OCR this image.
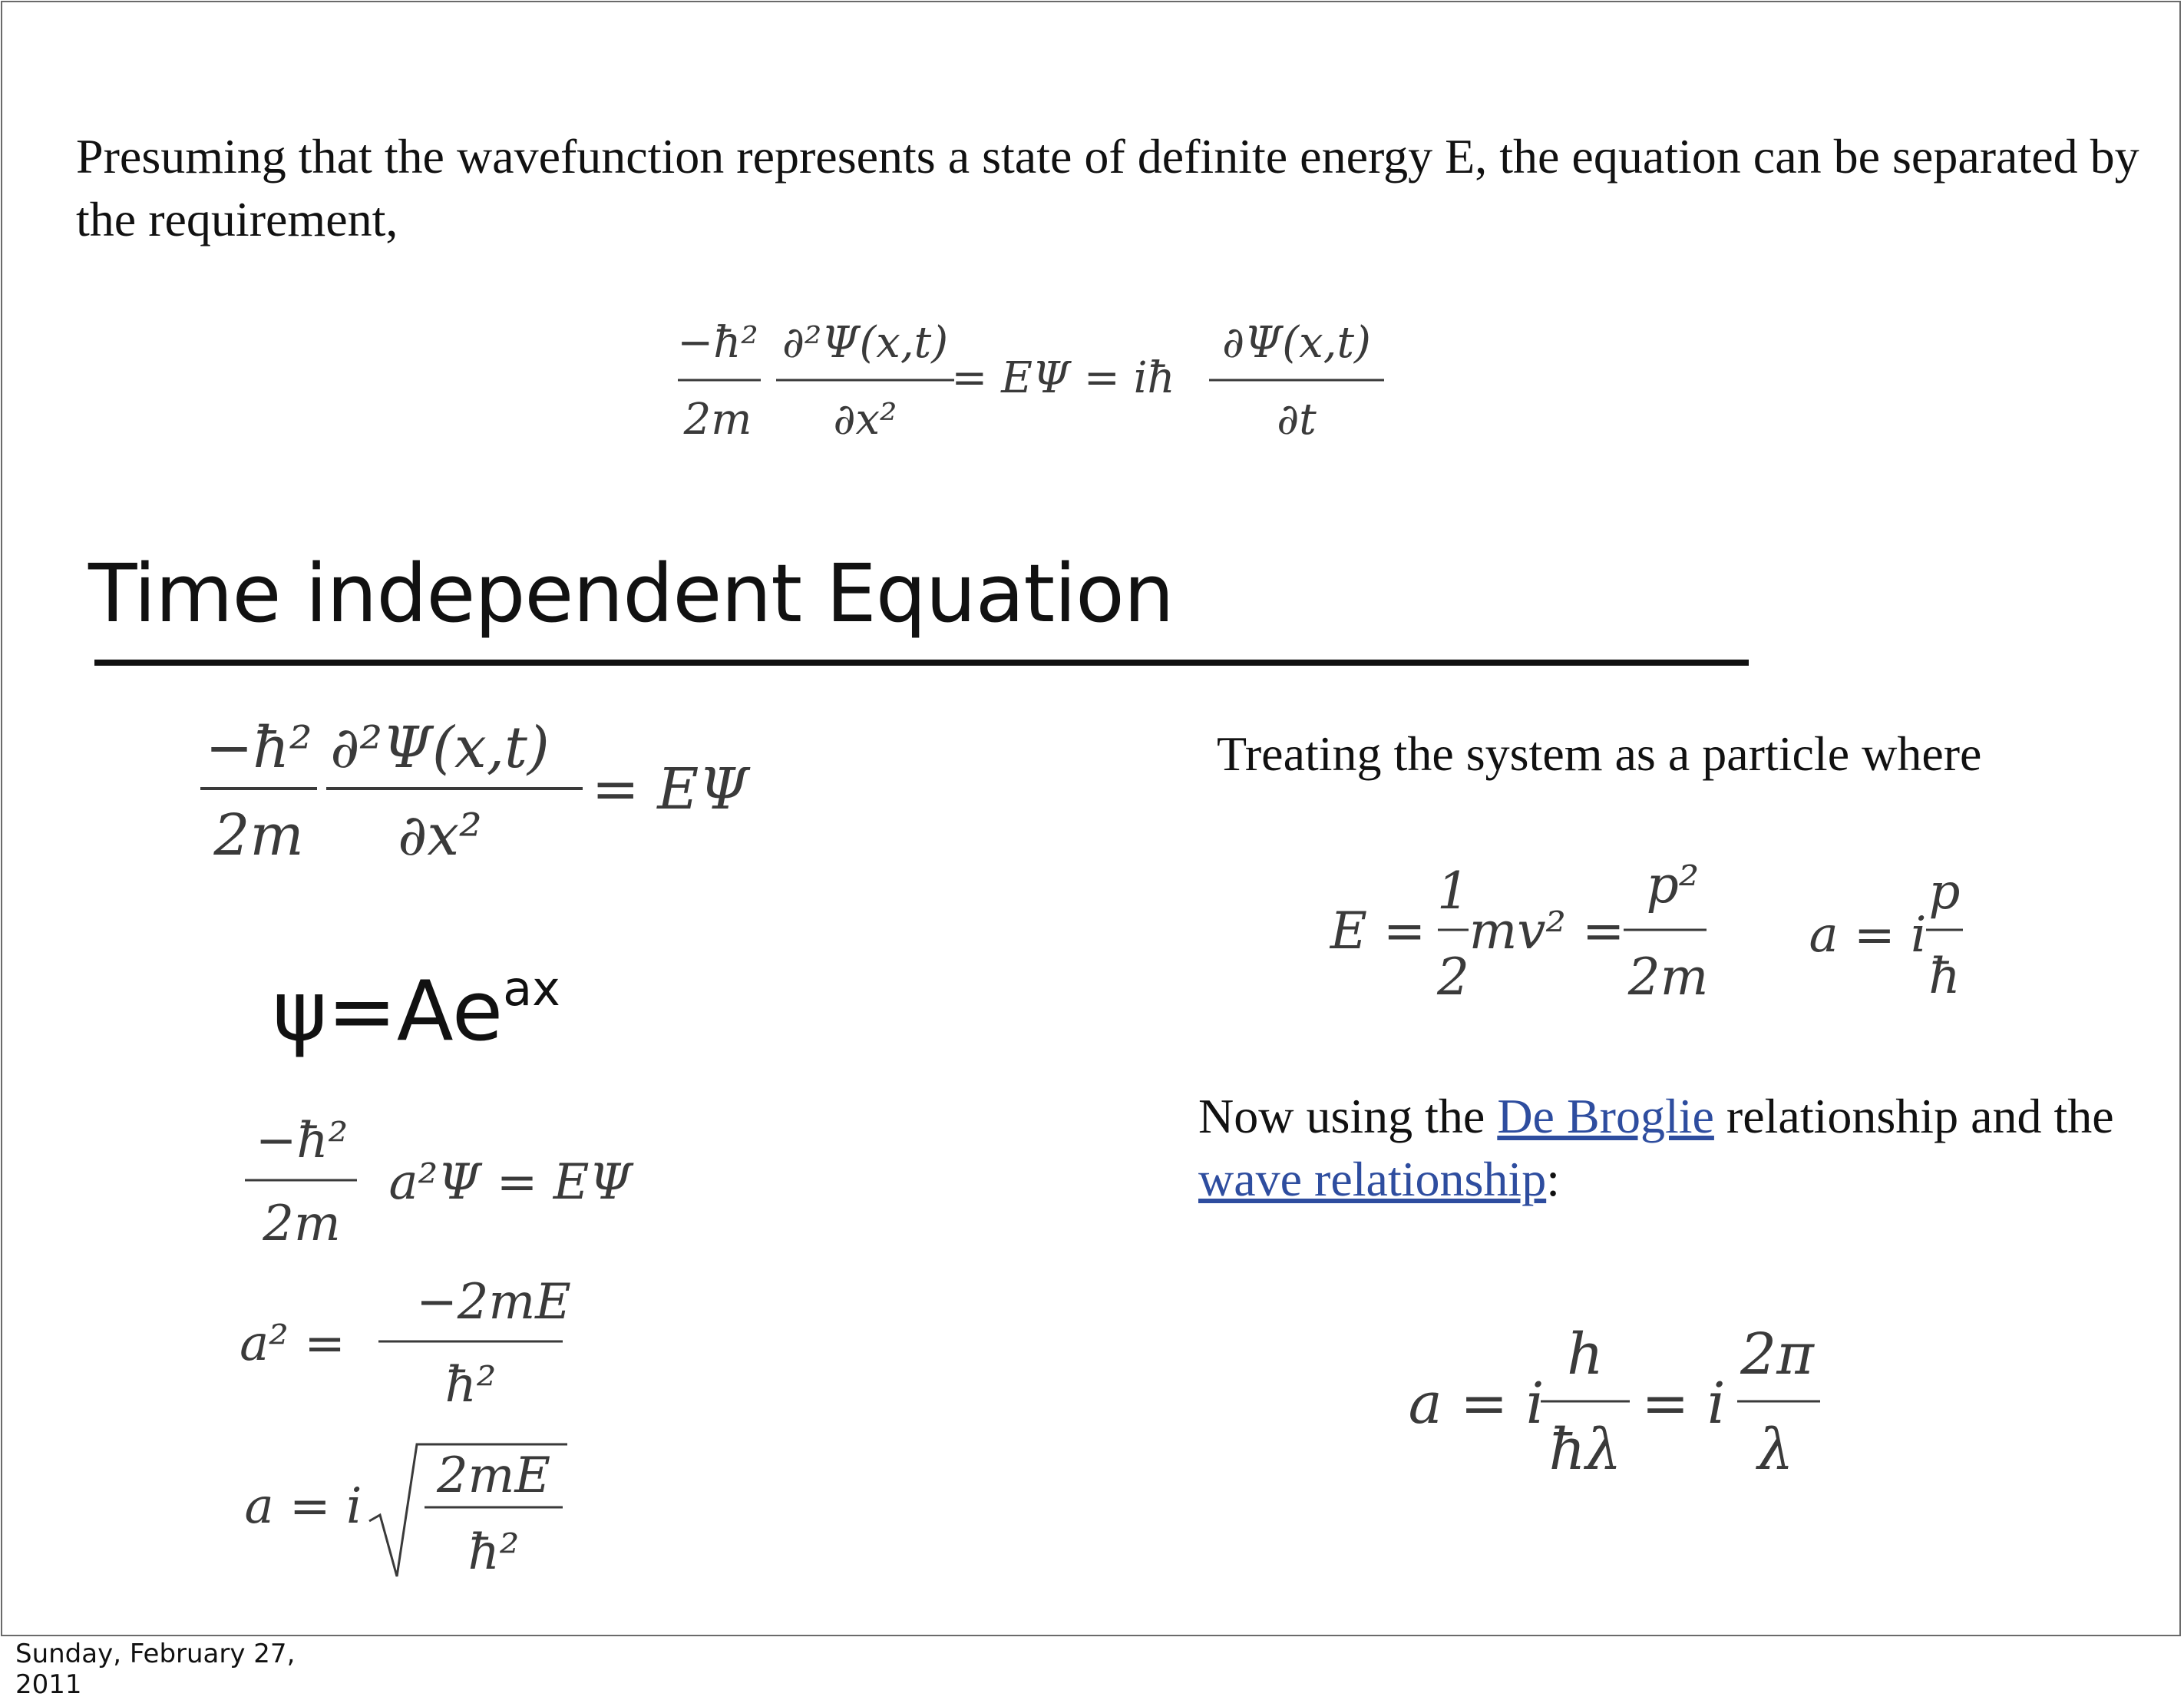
Presuming that the wavefunction represents a state of definite energy E, the equation can be separated by the requirement,
−ħ²
2m
∂²Ψ(x,t)
∂x²
= EΨ = iħ
∂Ψ(x,t)
∂t
Time independent Equation
−ħ²
2m
∂²Ψ(x,t)
∂x²
= EΨ
$\psi=Ae^{ax}$
−ħ²
2m
a²Ψ = EΨ
a² =
−2mE
ħ²
a = i
2mE
ħ²
Treating the system as a particle where
E =
1
2
mv² =
p²
2m
a = i
p
ħ
Now using the De Broglie relationship and the wave relationship:
a = i
h
ħλ
= i
2π
λ
Sunday, February 27, 2011
